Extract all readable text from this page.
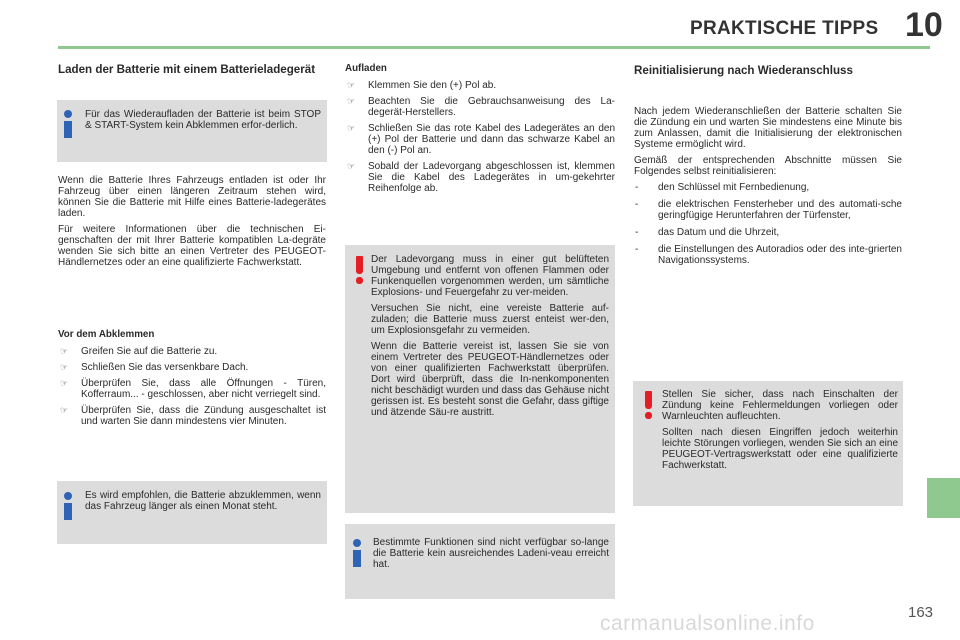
PRAKTISCHE TIPPS 10
163
carmanualsonline.info
Laden der Batterie mit einem Batterieladegerät
Für das Wiederaufladen der Batterie ist beim STOP & START-System kein Abklemmen erfor-derlich.

Wenn die Batterie Ihres Fahrzeugs entladen ist oder Ihr Fahrzeug über einen längeren Zeitraum stehen wird, können Sie die Batterie mit Hilfe eines Batterie-ladegerätes laden.

Für weitere Informationen über die technischen Ei-genschaften der mit Ihrer Batterie kompatiblen La-degräte wenden Sie sich bitte an einen Vertreter des PEUGEOT-Händlernetzes oder an eine qualifizierte Fachwerkstatt.

Vor dem Abklemmen
☞ Greifen Sie auf die Batterie zu.
☞ Schließen Sie das versenkbare Dach.
☞ Überprüfen Sie, dass alle Öffnungen - Türen, Kofferraum... - geschlossen, aber nicht verriegelt sind.
☞ Überprüfen Sie, dass die Zündung ausgeschaltet ist und warten Sie dann mindestens vier Minuten.
Es wird empfohlen, die Batterie abzuklemmen, wenn das Fahrzeug länger als einen Monat steht.
Aufladen
☞ Klemmen Sie den (+) Pol ab.
☞ Beachten Sie die Gebrauchsanweisung des La-degerät-Herstellers.
☞ Schließen Sie das rote Kabel des Ladegerätes an den (+) Pol der Batterie und dann das schwarze Kabel an den (-) Pol an.
☞ Sobald der Ladevorgang abgeschlossen ist, klemmen Sie die Kabel des Ladegerätes in um-gekehrter Reihenfolge ab.

Der Ladevorgang muss in einer gut belüfteten Umgebung und entfernt von offenen Flammen oder Funkenquellen vorgenommen werden, um sämtliche Explosions- und Feuergefahr zu ver-meiden.

Versuchen Sie nicht, eine vereiste Batterie auf-zuladen; die Batterie muss zuerst enteist wer-den, um Explosionsgefahr zu vermeiden.

Wenn die Batterie vereist ist, lassen Sie sie von einem Vertreter des PEUGEOT-Händlernetzes oder von einer qualifizierten Fachwerkstatt überprüfen. Dort wird überprüft, dass die In-nenkomponenten nicht beschädigt wurden und dass das Gehäuse nicht gerissen ist. Es besteht sonst die Gefahr, dass giftige und ätzende Säu-re austritt.

Bestimmte Funktionen sind nicht verfügbar so-lange die Batterie kein ausreichendes Ladeni-veau erreicht hat.
Reinitialisierung nach Wiederanschluss

Nach jedem Wiederanschließen der Batterie schalten Sie die Zündung ein und warten Sie mindestens eine Minute bis zum Anlassen, damit die Initialisierung der elektronischen Systeme ermöglicht wird.

Gemäß der entsprechenden Abschnitte müssen Sie Folgendes selbst reinitialisieren:

- den Schlüssel mit Fernbedienung,
- die elektrischen Fensterheber und des automati-sche geringfügige Herunterfahren der Türfenster,
- das Datum und die Uhrzeit,
- die Einstellungen des Autoradios oder des inte-grierten Navigationssystems.

Stellen Sie sicher, dass nach Einschalten der Zündung keine Fehlermeldungen vorliegen oder Warnleuchten aufleuchten.

Sollten nach diesen Eingriffen jedoch weiterhin leichte Störungen vorliegen, wenden Sie sich an eine PEUGEOT-Vertragswerkstatt oder eine qualifizierte Fachwerkstatt.
